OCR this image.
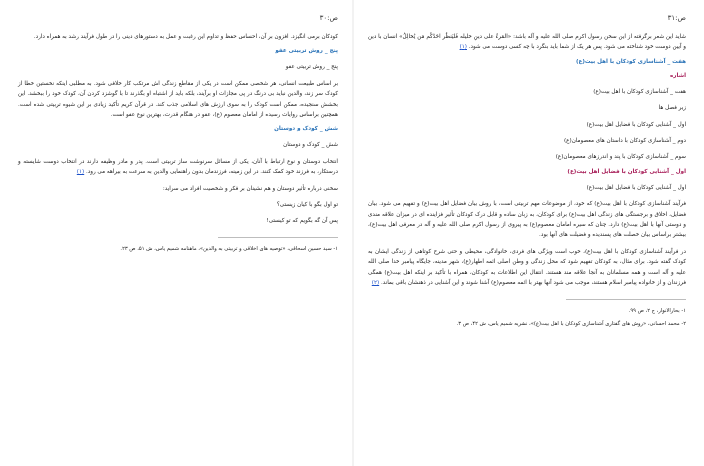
ص:۳۰

کودکان برمی انگیزد. افزون بر آن، احساس حفظ و تداوم این رغبت و عمل به دستورهای دینی را در طول فرآیند رشد به همراه دارد.

پنج _ روش تربیتی عفو

پنج _ روش تربیتی عفو

بر اساس طبیعت انسانی، هر شخصی ممکن است در یکی از مقاطع زندگی اش مرتکب کار خلافی شود. به مطلبی اینکه نخستین خطا از کودک سر زند، والدین نباید بی درنگ در پی مجازات او برآیند، بلکه باید از اشتباه او بگذرند تا با گوشزد کردن آن، کودک خود را ببخشد. این بخشش سنجیده، ممکن است کودک را به سوی ارزش های اسلامی جذب کند. در قرآن کریم تأکید زیادی بر این شیوه تربیتی شده است. همچنین براساس روایات رسیده از امامان معصوم (ع)، عفو در هنگام قدرت، بهترین نوع عفو است.

شش _ کودک و دوستان

شش _ کودک و دوستان

انتخاب دوستان و نوع ارتباط با آنان، یکی از مسائل سرنوشت ساز تربیتی است. پدر و مادر وظیفه دارند در انتخاب دوست شایسته و درستکار، به فرزند خود کمک کنند. در این زمینه، فرزندمان بدون راهنمایی والدین به سرعت به بیراهه می رود. (۱)

سخنی درباره تأثیر دوستان و هم نشینان بر فکر و شخصیت افراد می سراید:

تو اول بگو با کیان زیستی؟

پس آن گه بگویم که تو کیستی!

۱- سید حسین اسحاقی، «توصیه های اخلاقی و تربیتی به والدین»، ماهنامه شمیم یاس، ش ۵۱، ص ۲۳.

ص:۳۱

شاید این شعر برگرفته از این سخن رسول اکرم صلی الله علیه و آله باشد: «المَرءُ علی دینِ خلیله فَلیَنظُر احَدُکُم مَن یُخالِلُ» انسان با دین و آیین دوست خود شناخته می شود. پس هر یک از شما باید بنگرد با چه کسی دوست می شود. (۱)

هفت _ آشناسازی کودکان با اهل بیت(ع)
اشاره

هفت _ آشناسازی کودکان با اهل بیت(ع)

زیر فصل ها

اول _ آشنایی کودکان با فضایل اهل بیت(ع)

دوم _ آشناسازی کودکان با داستان های معصومان(ع)

سوم _ آشناسازی کودکان با پند و اندرزهای معصومان(ع)

اول _ آشنایی کودکان با فضایل اهل بیت(ع)

اول _ آشنایی کودکان با فضایل اهل بیت(ع)

فرآیند آشناسازی کودکان با اهل بیت(ع) که خود، از موضوعات مهم تربیتی است، با روش بیان فضایل اهل بیت(ع) و تفهیم می شود. بیان فضایل، اخلاق و برجستگی های زندگی اهل بیت(ع) برای کودکان، به زبان ساده و قابل درک کودکان تأثیر فزاینده ای در میزان علاقه مندی و دوستی آنها با اهل بیت(ع) دارد. چنان که سیره امامان معصوم(ع) به پیروی از رسول اکرم صلی الله علیه و آله در معرفی اهل بیت(ع)، بیشتر براساس بیان خصلت های پسندیده و فضیلت های آنها بود.

در فرآیند آشناسازی کودکان با اهل بیت(ع)، خوب است ویژگی های فردی، خانوادگی، محیطی و حتی شرح کوتاهی از زندگی ایشان به کودک گفته شود. برای مثال، به کودکان تفهیم شود که محل زندگی و وطن اصلی ائمه اطهار(ع)، شهر مدینه، جایگاه پیامبر خدا صلی الله علیه و آله است و همه مسلمانان به آنجا علاقه مند هستند. انتقال این اطلاعات به کودکان، همراه با تأکید بر اینکه اهل بیت(ع) همگی فرزندان و از خانواده پیامبر اسلام هستند، موجب می شود آنها بهتر با ائمه معصوم(ع) آشنا شوند و این آشنایی در ذهنشان باقی بماند. (۲)

۱- بحارالانوار، ج ۲، ص ۹۹.

۲- محمد احسانی، «روش های گفتاری آشناسازی کودکان با اهل بیت(ع)»، نشریه شمیم یاس، ش ۴۲، ص ۳.
